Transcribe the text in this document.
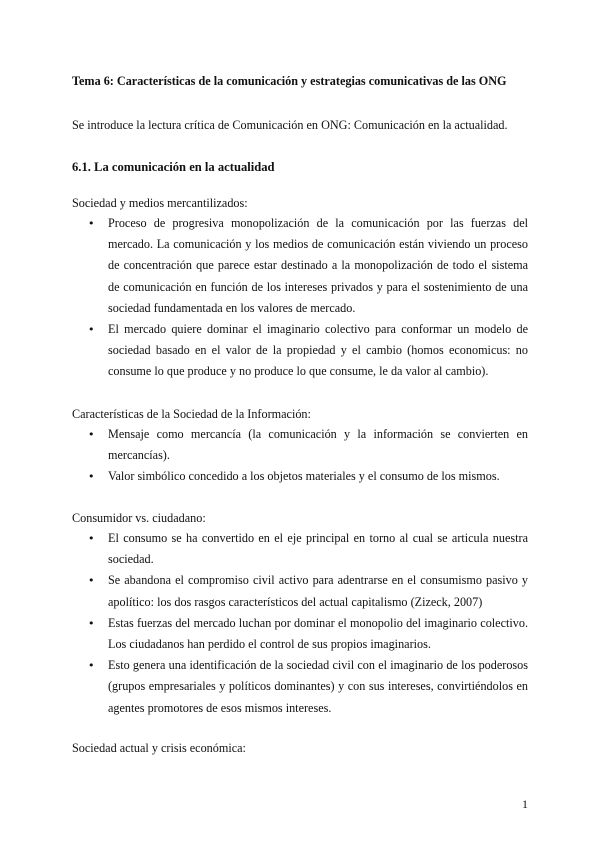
Tema 6: Características de la comunicación y estrategias comunicativas de las ONG

Se introduce la lectura crítica de Comunicación en ONG: Comunicación en la actualidad.

6.1. La comunicación en la actualidad

Sociedad y medios mercantilizados:

• Proceso de progresiva monopolización de la comunicación por las fuerzas del mercado. La comunicación y los medios de comunicación están viviendo un proceso de concentración que parece estar destinado a la monopolización de todo el sistema de comunicación en función de los intereses privados y para el sostenimiento de una sociedad fundamentada en los valores de mercado.
• El mercado quiere dominar el imaginario colectivo para conformar un modelo de sociedad basado en el valor de la propiedad y el cambio (homos economicus: no consume lo que produce y no produce lo que consume, le da valor al cambio).

Características de la Sociedad de la Información:

• Mensaje como mercancía (la comunicación y la información se convierten en mercancías).
• Valor simbólico concedido a los objetos materiales y el consumo de los mismos.

Consumidor vs. ciudadano:

• El consumo se ha convertido en el eje principal en torno al cual se articula nuestra sociedad.
• Se abandona el compromiso civil activo para adentrarse en el consumismo pasivo y apolítico: los dos rasgos característicos del actual capitalismo (Zizeck, 2007)
• Estas fuerzas del mercado luchan por dominar el monopolio del imaginario colectivo. Los ciudadanos han perdido el control de sus propios imaginarios.
• Esto genera una identificación de la sociedad civil con el imaginario de los poderosos (grupos empresariales y políticos dominantes) y con sus intereses, convirtiéndolos en agentes promotores de esos mismos intereses.

Sociedad actual y crisis económica:

1
